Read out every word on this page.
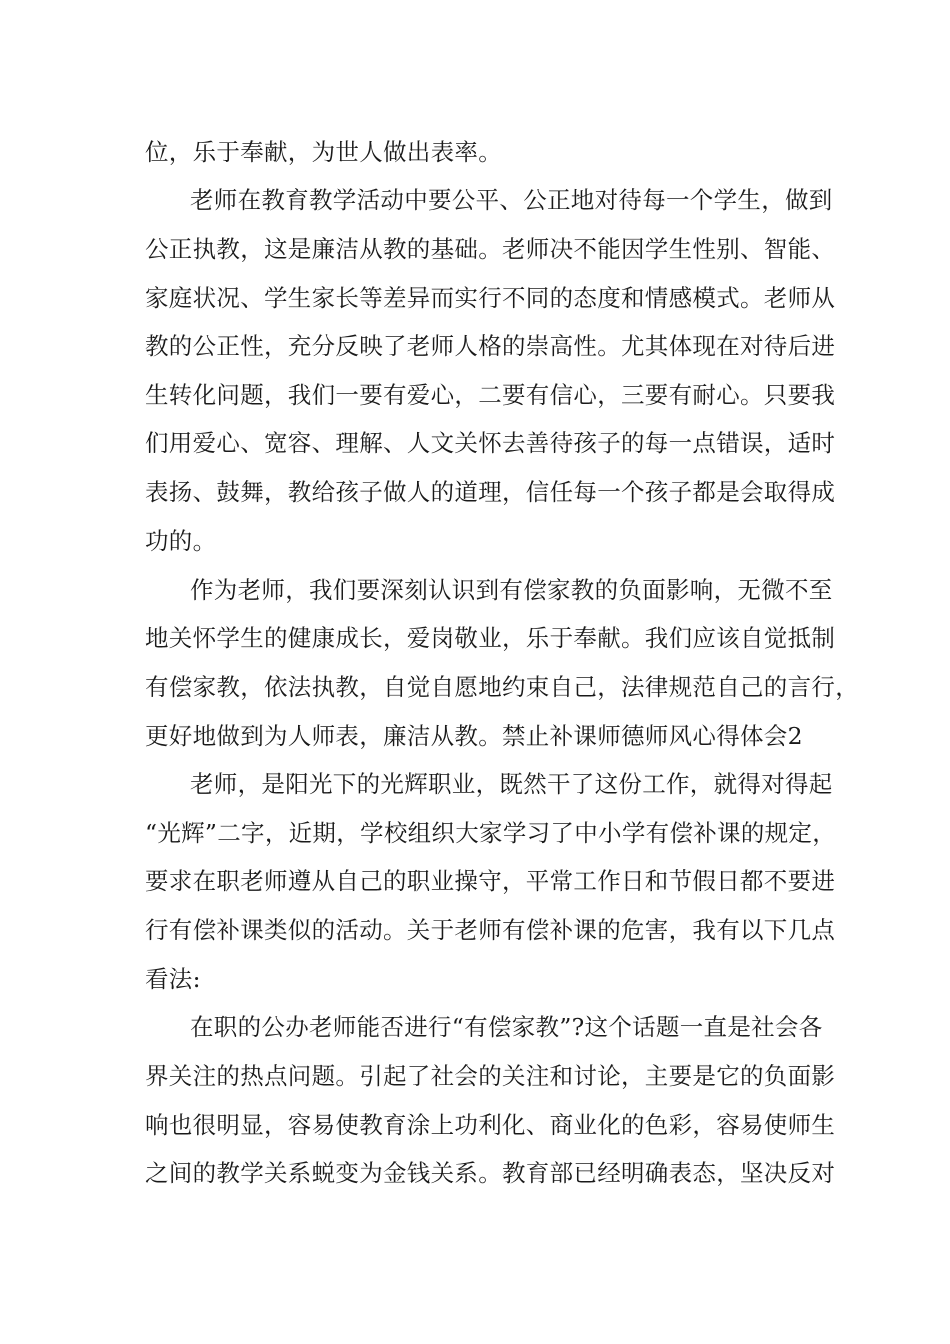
位，乐于奉献，为世人做出表率。
老师在教育教学活动中要公平、公正地对待每一个学生，做到
公正执教，这是廉洁从教的基础。老师决不能因学生性别、智能、
家庭状况、学生家长等差异而实行不同的态度和情感模式。老师从
教的公正性，充分反映了老师人格的崇高性。尤其体现在对待后进
生转化问题，我们一要有爱心，二要有信心，三要有耐心。只要我
们用爱心、宽容、理解、人文关怀去善待孩子的每一点错误，适时
表扬、鼓舞，教给孩子做人的道理，信任每一个孩子都是会取得成
功的。
作为老师，我们要深刻认识到有偿家教的负面影响，无微不至
地关怀学生的健康成长，爱岗敬业，乐于奉献。我们应该自觉抵制
有偿家教，依法执教，自觉自愿地约束自己，法律规范自己的言行，
更好地做到为人师表，廉洁从教。禁止补课师德师风心得体会2
老师，是阳光下的光辉职业，既然干了这份工作，就得对得起
“光辉”二字，近期，学校组织大家学习了中小学有偿补课的规定，
要求在职老师遵从自己的职业操守，平常工作日和节假日都不要进
行有偿补课类似的活动。关于老师有偿补课的危害，我有以下几点
看法:
在职的公办老师能否进行“有偿家教”?这个话题一直是社会各
界关注的热点问题。引起了社会的关注和讨论，主要是它的负面影
响也很明显，容易使教育涂上功利化、商业化的色彩，容易使师生
之间的教学关系蜕变为金钱关系。教育部已经明确表态，坚决反对
